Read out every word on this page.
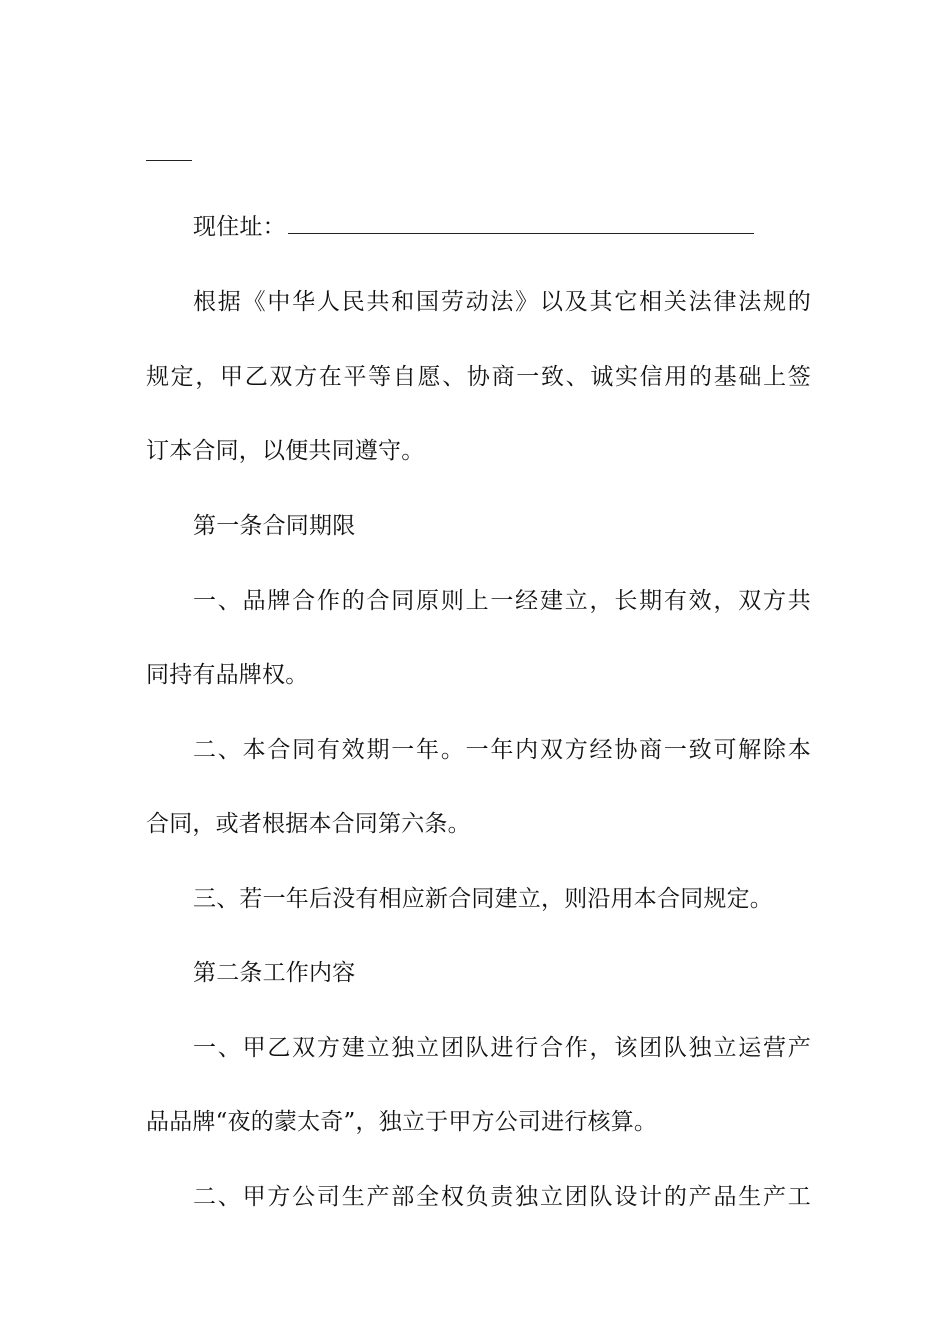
现住址：
根据《中华人民共和国劳动法》以及其它相关法律法规的
规定，甲乙双方在平等自愿、协商一致、诚实信用的基础上签
订本合同，以便共同遵守。
第一条合同期限
一、品牌合作的合同原则上一经建立，长期有效，双方共
同持有品牌权。
二、本合同有效期一年。一年内双方经协商一致可解除本
合同，或者根据本合同第六条。
三、若一年后没有相应新合同建立，则沿用本合同规定。
第二条工作内容
一、甲乙双方建立独立团队进行合作，该团队独立运营产
品品牌“夜的蒙太奇”，独立于甲方公司进行核算。
二、甲方公司生产部全权负责独立团队设计的产品生产工
